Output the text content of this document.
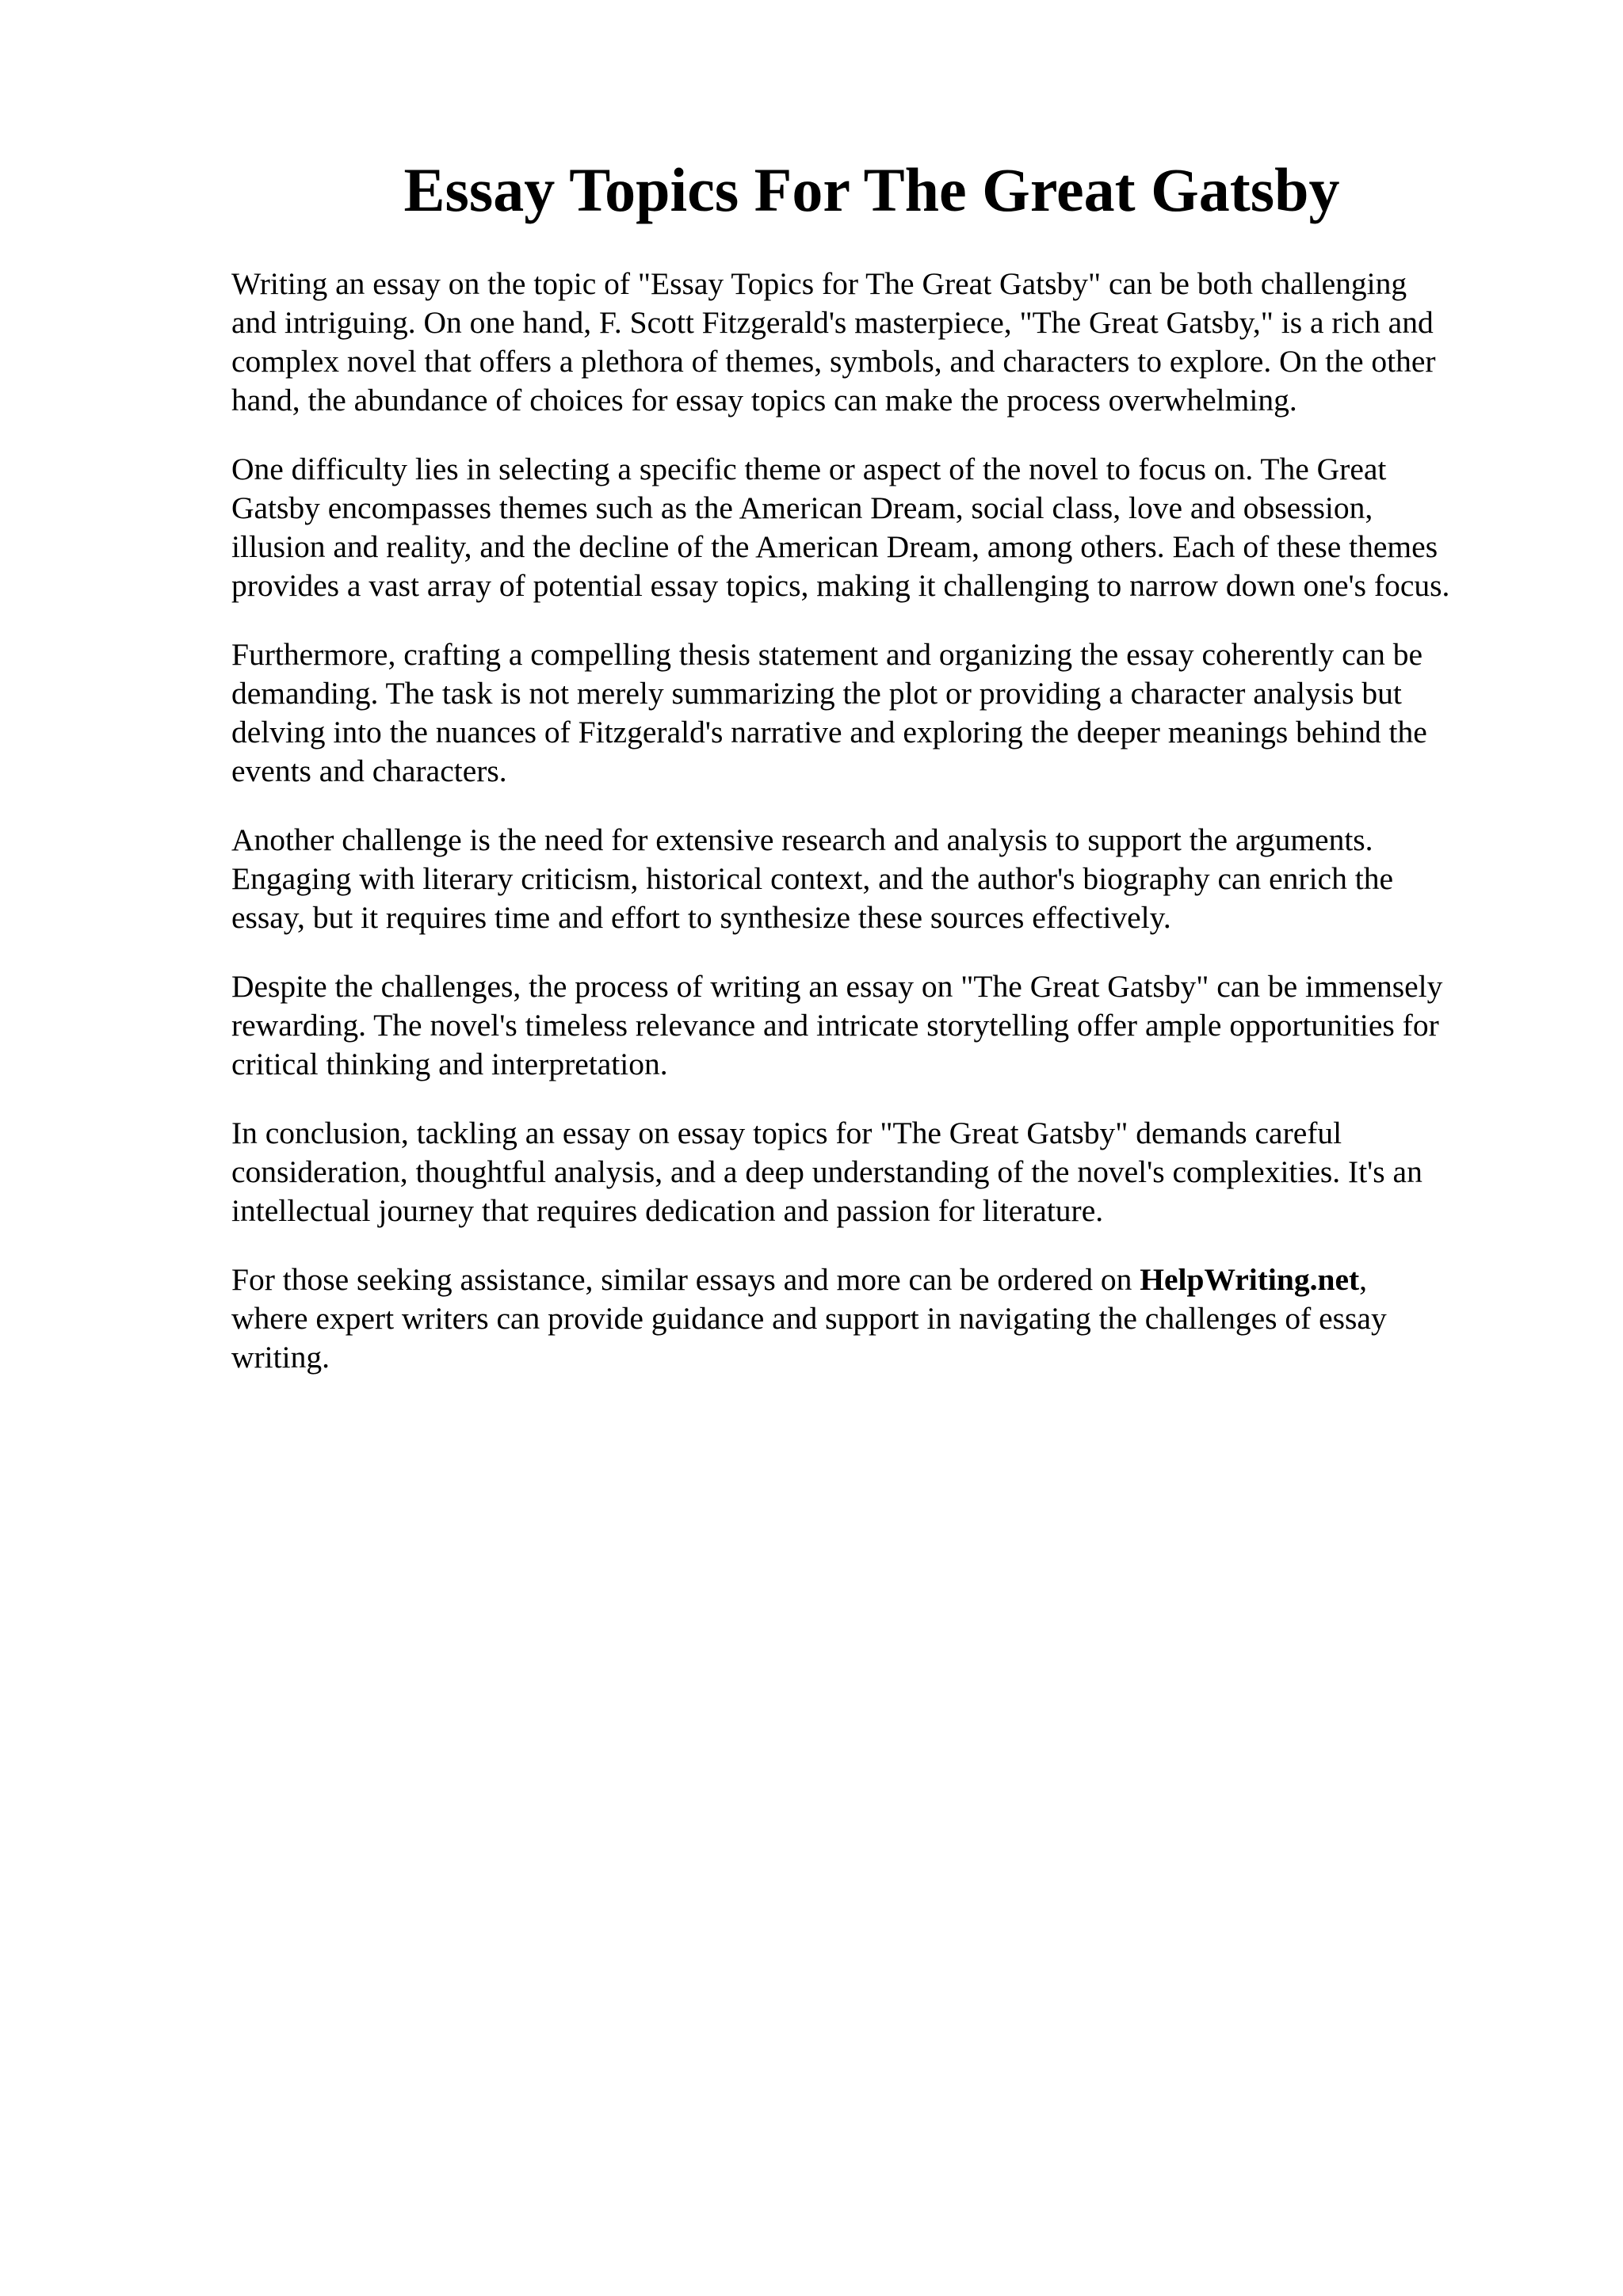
Essay Topics For The Great Gatsby

Writing an essay on the topic of "Essay Topics for The Great Gatsby" can be both challenging
and intriguing. On one hand, F. Scott Fitzgerald's masterpiece, "The Great Gatsby," is a rich and
complex novel that offers a plethora of themes, symbols, and characters to explore. On the other
hand, the abundance of choices for essay topics can make the process overwhelming.

One difficulty lies in selecting a specific theme or aspect of the novel to focus on. The Great
Gatsby encompasses themes such as the American Dream, social class, love and obsession,
illusion and reality, and the decline of the American Dream, among others. Each of these themes
provides a vast array of potential essay topics, making it challenging to narrow down one's focus.

Furthermore, crafting a compelling thesis statement and organizing the essay coherently can be
demanding. The task is not merely summarizing the plot or providing a character analysis but
delving into the nuances of Fitzgerald's narrative and exploring the deeper meanings behind the
events and characters.

Another challenge is the need for extensive research and analysis to support the arguments.
Engaging with literary criticism, historical context, and the author's biography can enrich the
essay, but it requires time and effort to synthesize these sources effectively.

Despite the challenges, the process of writing an essay on "The Great Gatsby" can be immensely
rewarding. The novel's timeless relevance and intricate storytelling offer ample opportunities for
critical thinking and interpretation.

In conclusion, tackling an essay on essay topics for "The Great Gatsby" demands careful
consideration, thoughtful analysis, and a deep understanding of the novel's complexities. It's an
intellectual journey that requires dedication and passion for literature.

For those seeking assistance, similar essays and more can be ordered on HelpWriting.net,
where expert writers can provide guidance and support in navigating the challenges of essay
writing.
